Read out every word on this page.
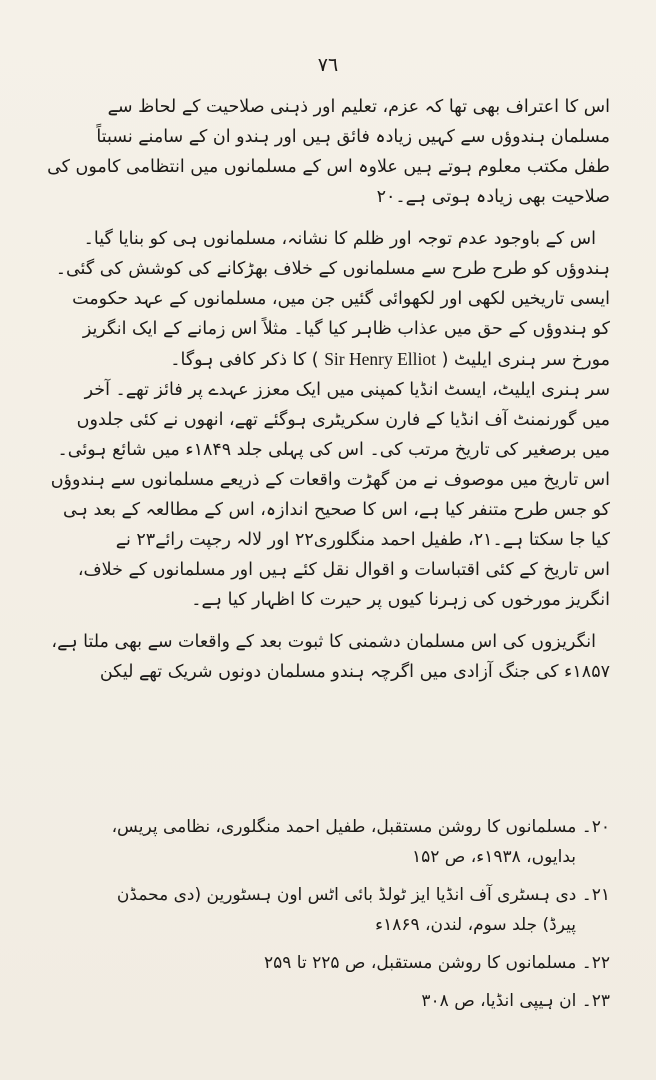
۷٦

اس کا اعتراف بھی تھا کہ عزم، تعلیم اور ذہنی صلاحیت کے لحاظ سے
مسلمان ہندوؤں سے کہیں زیادہ فائق ہیں اور ہندو ان کے سامنے نسبتاً
طفل مکتب معلوم ہوتے ہیں علاوہ اس کے مسلمانوں میں انتظامی کاموں کی
صلاحیت بھی زیادہ ہوتی ہے۔۲۰

اس کے باوجود عدم توجہ اور ظلم کا نشانہ، مسلمانوں ہی کو بنایا گیا۔
ہندوؤں کو طرح طرح سے مسلمانوں کے خلاف بھڑکانے کی کوشش کی گئی۔
ایسی تاریخیں لکھی اور لکھوائی گئیں جن میں، مسلمانوں کے عہد حکومت
کو ہندوؤں کے حق میں عذاب ظاہر کیا گیا۔ مثلاً اس زمانے کے ایک انگریز
مورخ سر ہنری ایلیٹ ( Sir Henry Elliot ) کا ذکر کافی ہوگا۔
سر ہنری ایلیٹ، ایسٹ انڈیا کمپنی میں ایک معزز عہدے پر فائز تھے۔ آخر
میں گورنمنٹ آف انڈیا کے فارن سکریٹری ہوگئے تھے، انھوں نے کئی جلدوں
میں برصغیر کی تاریخ مرتب کی۔ اس کی پہلی جلد ۱۸۴۹ء میں شائع ہوئی۔
اس تاریخ میں موصوف نے من گھڑت واقعات کے ذریعے مسلمانوں سے ہندوؤں
کو جس طرح متنفر کیا ہے، اس کا صحیح اندازہ، اس کے مطالعہ کے بعد ہی
کیا جا سکتا ہے۔۲۱، طفیل احمد منگلوری۲۲ اور لالہ رجپت رائے۲۳ نے
اس تاریخ کے کئی اقتباسات و اقوال نقل کئے ہیں اور مسلمانوں کے خلاف،
انگریز مورخوں کی زہرنا کیوں پر حیرت کا اظہار کیا ہے۔

انگریزوں کی اس مسلمان دشمنی کا ثبوت بعد کے واقعات سے بھی ملتا ہے،
۱۸۵۷ء کی جنگ آزادی میں اگرچہ ہندو مسلمان دونوں شریک تھے لیکن

۲۰۔ مسلمانوں کا روشن مستقبل، طفیل احمد منگلوری، نظامی پریس،
بدایوں، ۱۹۳۸ء، ص ۱۵۲
۲۱۔ دی ہسٹری آف انڈیا ایز ٹولڈ بائی اٹس اون ہسٹورین (دی محمڈن
پیرڈ) جلد سوم، لندن، ۱۸۶۹ء
۲۲۔ مسلمانوں کا روشن مستقبل، ص ۲۲۵ تا ۲۵۹
۲۳۔ ان ہیپی انڈیا، ص ۳۰۸
